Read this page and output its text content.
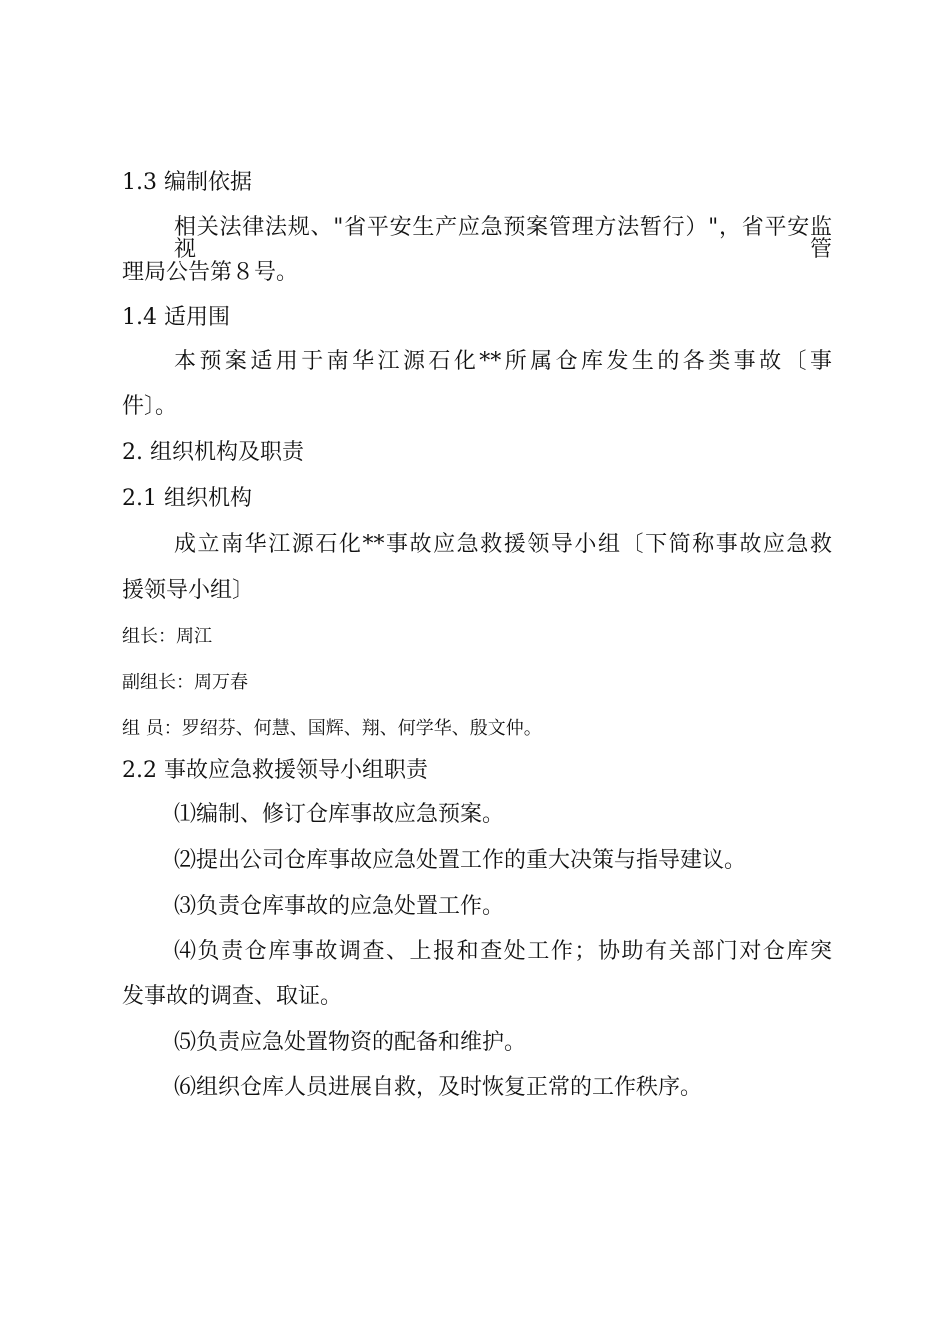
1.3 编制依据
相关法律法规、"省平安生产应急预案管理方法暂行）"，省平安监视管
理局公告第８号。
1.4 适用围
本预案适用于南华江源石化**所属仓库发生的各类事故〔事
件〕。
2. 组织机构及职责
2.1 组织机构
成立南华江源石化**事故应急救援领导小组〔下简称事故应急救
援领导小组〕
组长：周江
副组长：周万春
组 员：罗绍芬、何慧、国辉、翔、何学华、殷文仲。
2.2 事故应急救援领导小组职责
⑴编制、修订仓库事故应急预案。
⑵提出公司仓库事故应急处置工作的重大决策与指导建议。
⑶负责仓库事故的应急处置工作。
⑷负责仓库事故调查、上报和查处工作；协助有关部门对仓库突
发事故的调查、取证。
⑸负责应急处置物资的配备和维护。
⑹组织仓库人员进展自救，及时恢复正常的工作秩序。
